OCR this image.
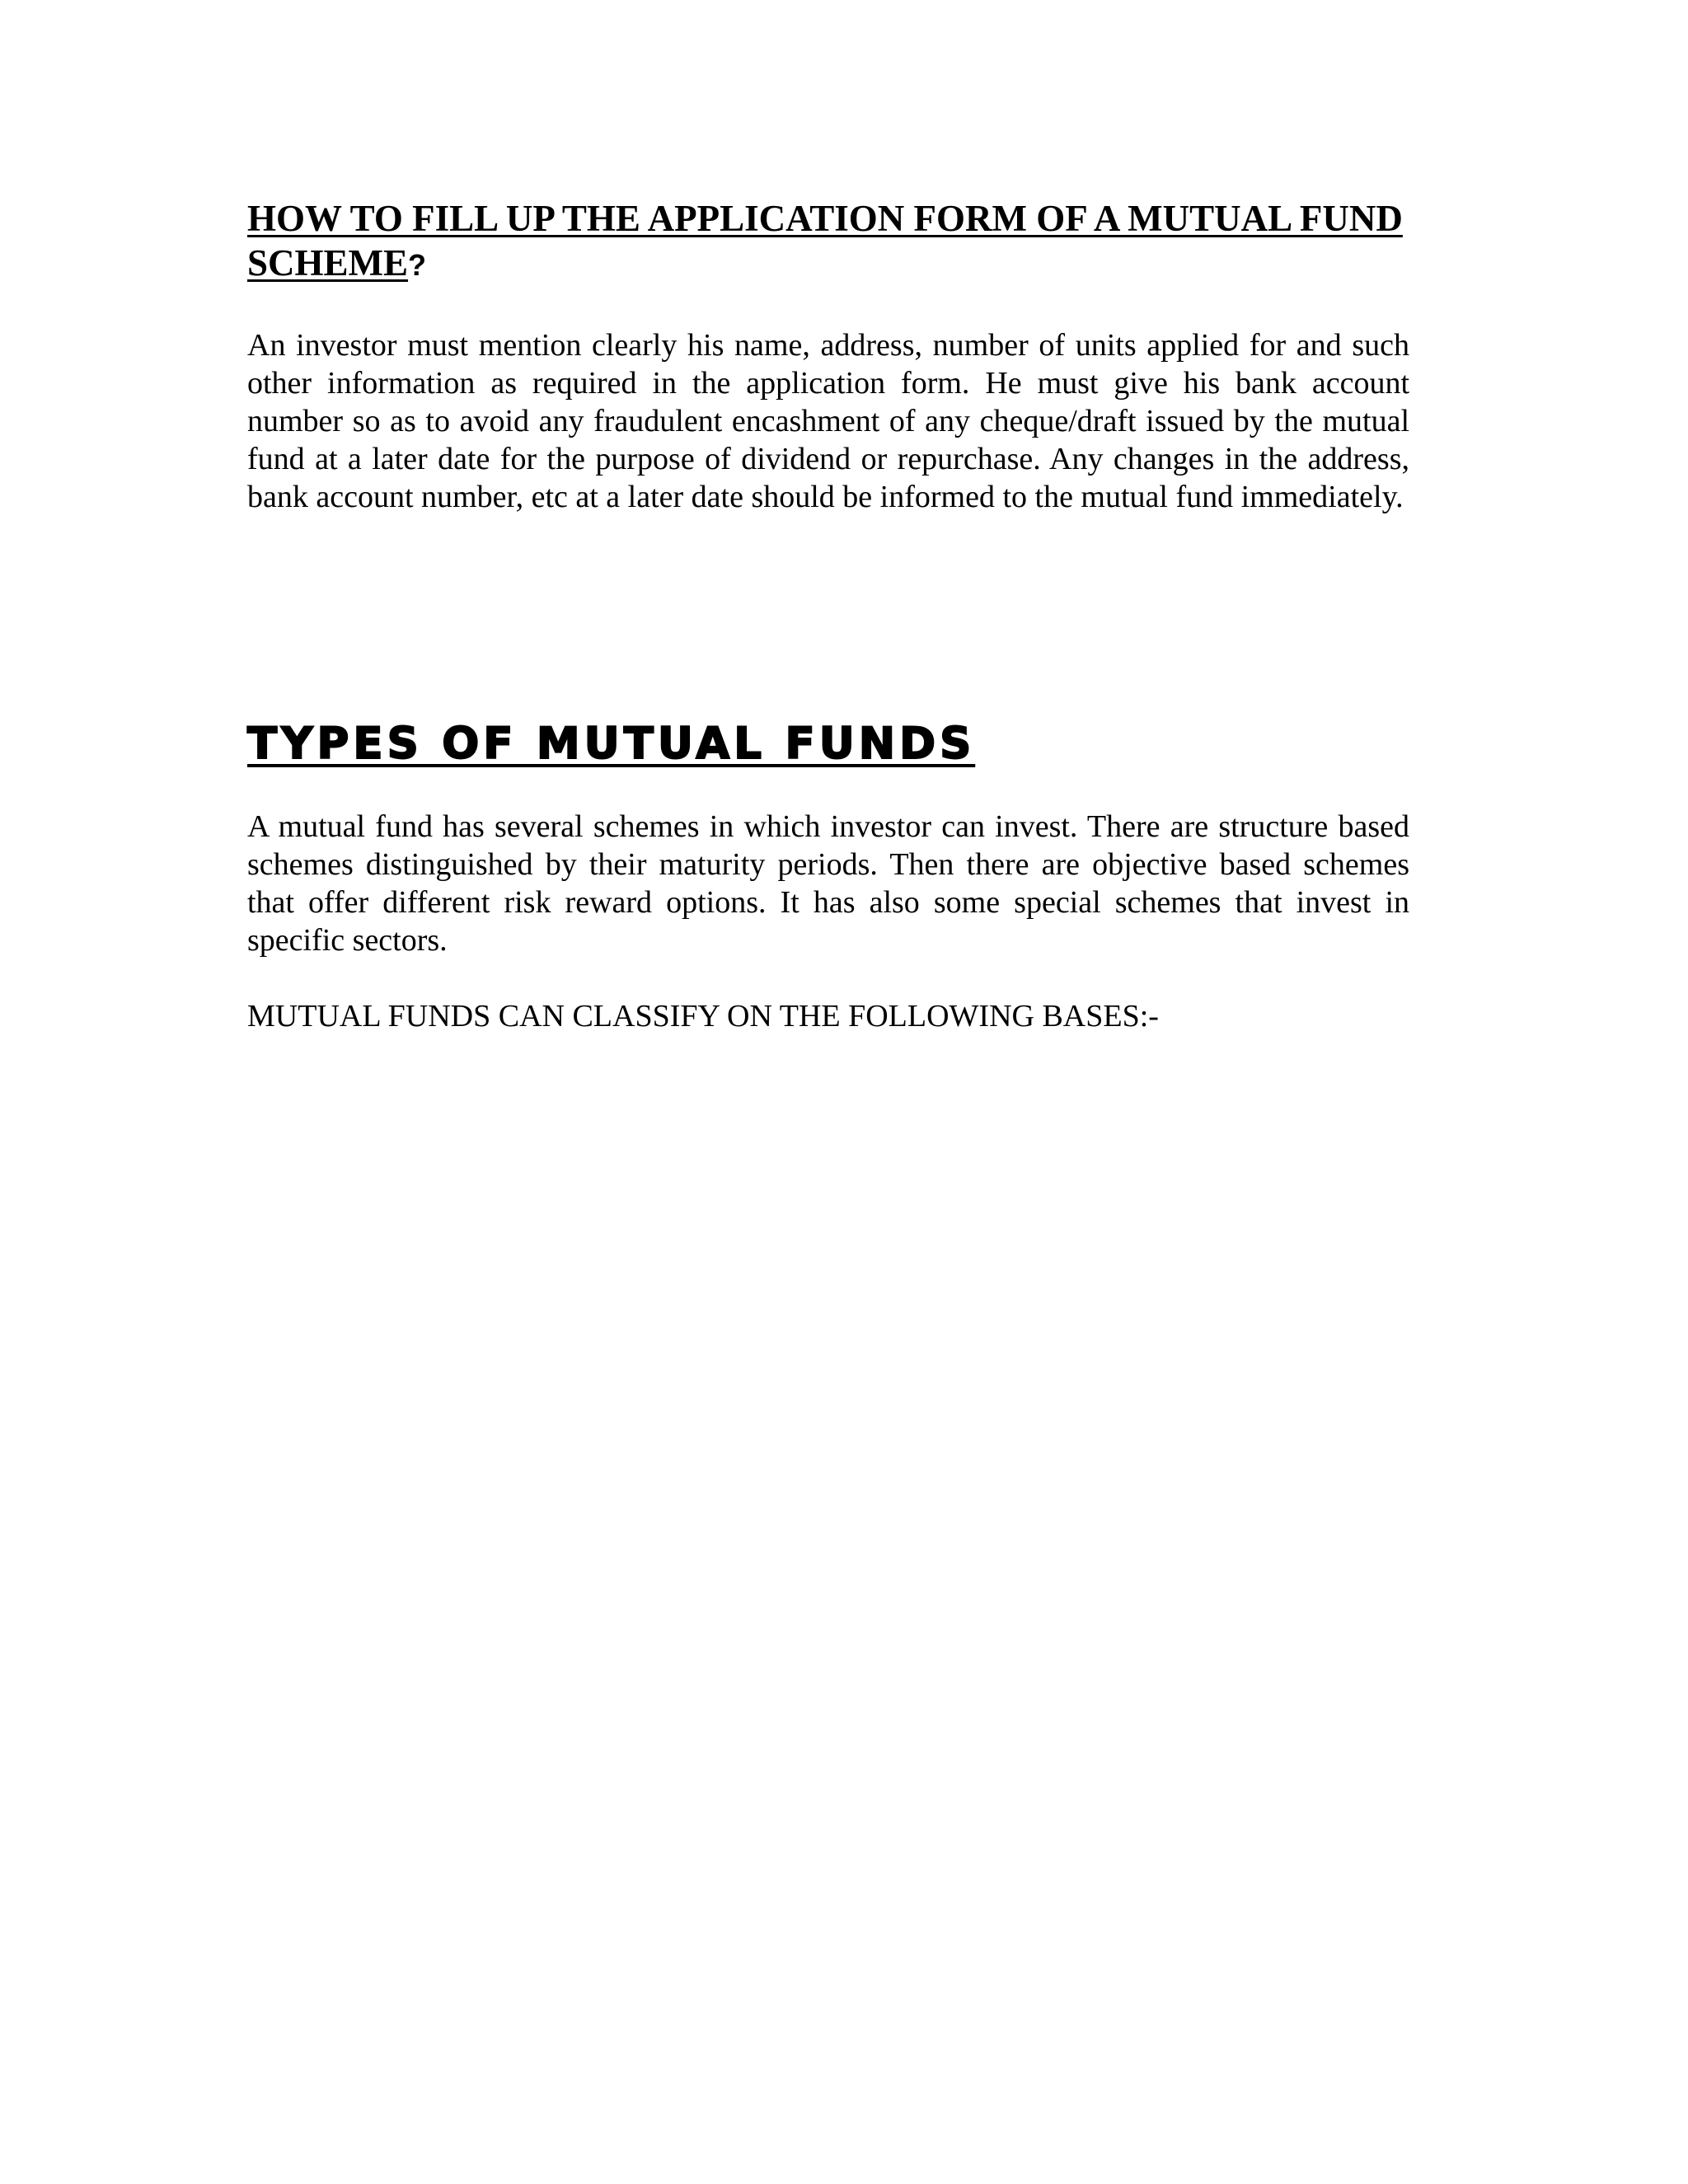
HOW TO FILL UP THE APPLICATION FORM OF A MUTUAL FUND SCHEME?

An investor must mention clearly his name, address, number of units applied for and such other information as required in the application form. He must give his bank account number so as to avoid any fraudulent encashment of any cheque/draft issued by the mutual fund at a later date for the purpose of dividend or repurchase. Any changes in the address, bank account number, etc at a later date should be informed to the mutual fund immediately.

TYPES OF MUTUAL FUNDS

A mutual fund has several schemes in which investor can invest. There are structure based schemes distinguished by their maturity periods. Then there are objective based schemes that offer different risk reward options. It has also some special schemes that invest in specific sectors.

MUTUAL FUNDS CAN CLASSIFY ON THE FOLLOWING BASES:-
